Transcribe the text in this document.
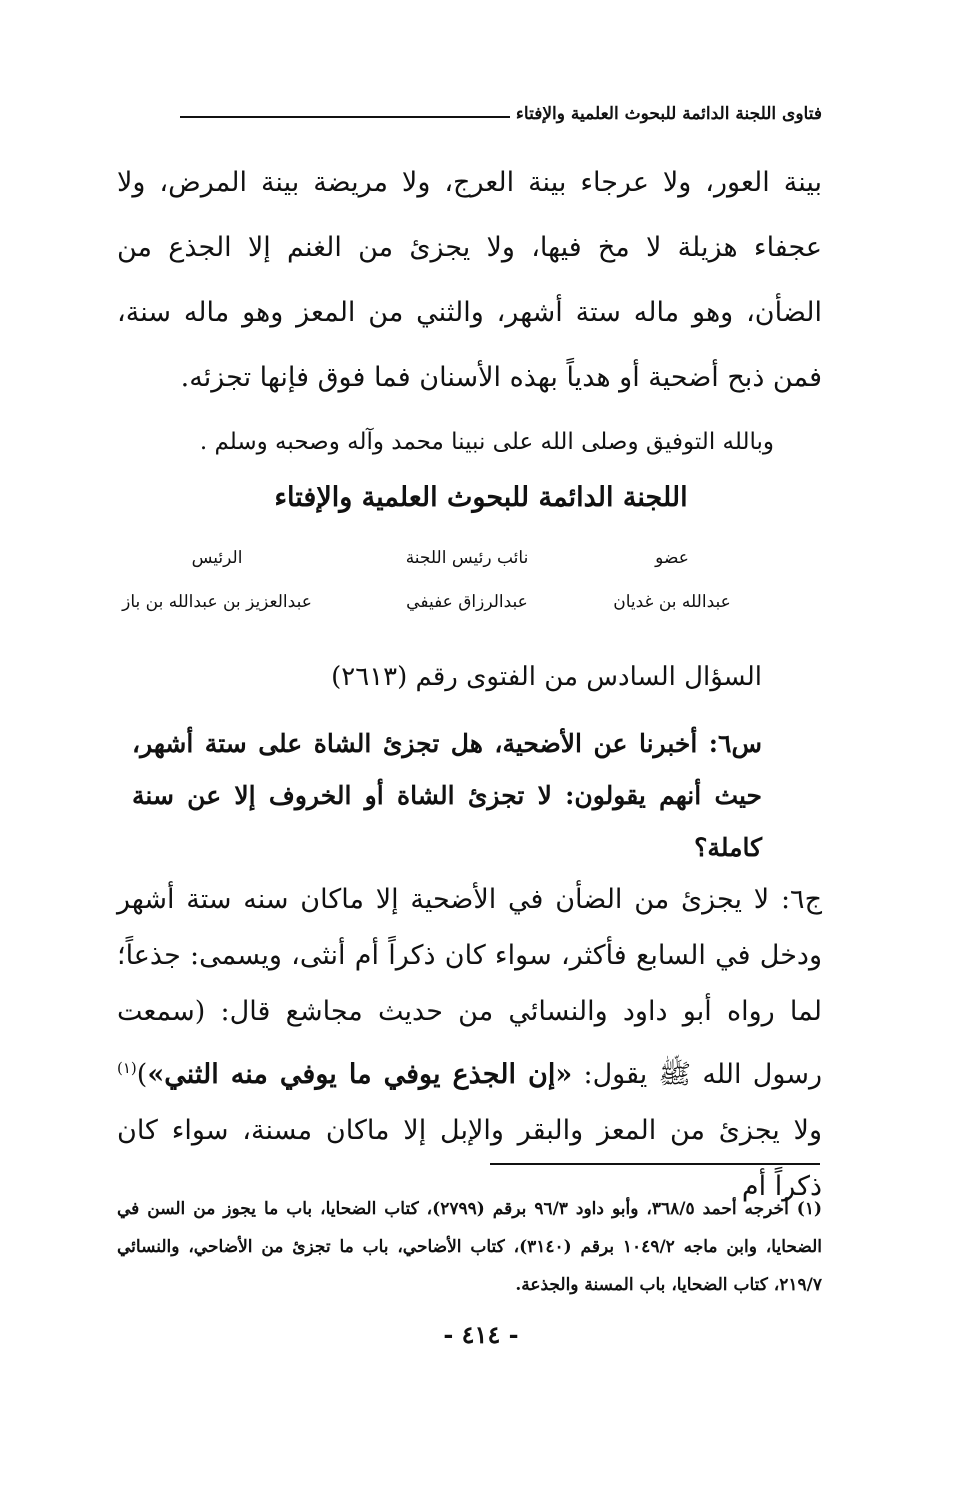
فتاوى اللجنة الدائمة للبحوث العلمية والإفتاء

بينة العور، ولا عرجاء بينة العرج، ولا مريضة بينة المرض، ولا عجفاء هزيلة لا مخ فيها، ولا يجزئ من الغنم إلا الجذع من الضأن، وهو ماله ستة أشهر، والثني من المعز وهو ماله سنة، فمن ذبح أضحية أو هدياً بهذه الأسنان فما فوق فإنها تجزئه.

وبالله التوفيق وصلى الله على نبينا محمد وآله وصحبه وسلم .

اللجنة الدائمة للبحوث العلمية والإفتاء
عضو
عبدالله بن غديان
نائب رئيس اللجنة
عبدالرزاق عفيفي
الرئيس
عبدالعزيز بن عبدالله بن باز
السؤال السادس من الفتوى رقم (٢٦١٣)

س٦: أخبرنا عن الأضحية، هل تجزئ الشاة على ستة أشهر، حيث أنهم يقولون: لا تجزئ الشاة أو الخروف إلا عن سنة كاملة؟

ج٦: لا يجزئ من الضأن في الأضحية إلا ماكان سنه ستة أشهر ودخل في السابع فأكثر، سواء كان ذكراً أم أنثى، ويسمى: جذعاً؛ لما رواه أبو داود والنسائي من حديث مجاشع قال: (سمعت رسول الله ﷺ يقول: «إن الجذع يوفي ما يوفي منه الثني»)$^{(١)}$ ولا يجزئ من المعز والبقر والإبل إلا ماكان مسنة، سواء كان ذكراً أم

(١) أخرجه أحمد ٣٦٨/٥، وأبو داود ٩٦/٣ برقم (٢٧٩٩)، كتاب الضحايا، باب ما يجوز من السن في الضحايا، وابن ماجه ١٠٤٩/٢ برقم (٣١٤٠)، كتاب الأضاحي، باب ما تجزئ من الأضاحي، والنسائي ٢١٩/٧، كتاب الضحايا، باب المسنة والجذعة.

- ٤١٤ -
